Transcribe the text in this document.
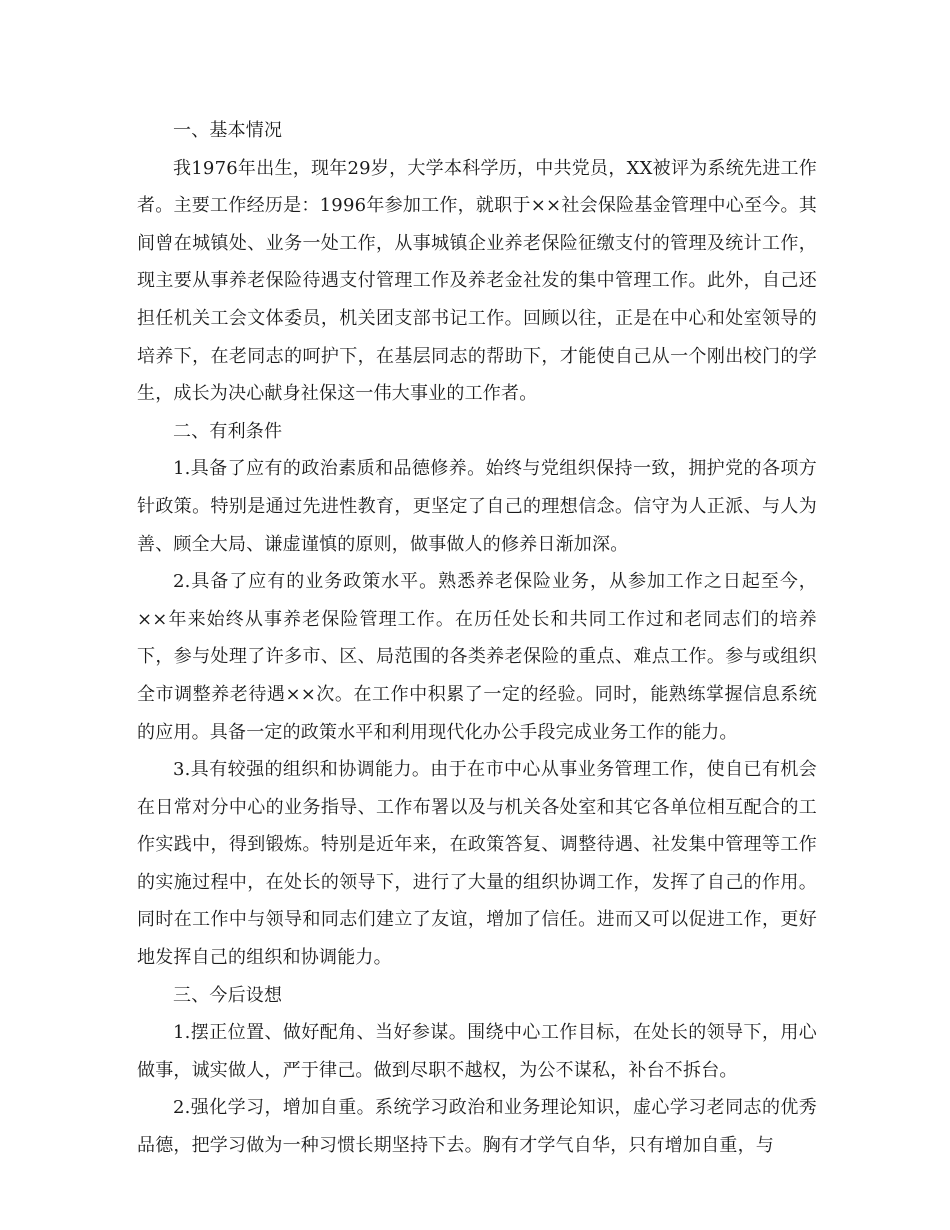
一、基本情况

我1976年出生，现年29岁，大学本科学历，中共党员，XX被评为系统先进工作者。主要工作经历是：1996年参加工作，就职于××社会保险基金管理中心至今。其间曾在城镇处、业务一处工作，从事城镇企业养老保险征缴支付的管理及统计工作，现主要从事养老保险待遇支付管理工作及养老金社发的集中管理工作。此外，自己还担任机关工会文体委员，机关团支部书记工作。回顾以往，正是在中心和处室领导的培养下，在老同志的呵护下，在基层同志的帮助下，才能使自己从一个刚出校门的学生，成长为决心献身社保这一伟大事业的工作者。

二、有利条件

1.具备了应有的政治素质和品德修养。始终与党组织保持一致，拥护党的各项方针政策。特别是通过先进性教育，更坚定了自己的理想信念。信守为人正派、与人为善、顾全大局、谦虚谨慎的原则，做事做人的修养日渐加深。

2.具备了应有的业务政策水平。熟悉养老保险业务，从参加工作之日起至今，××年来始终从事养老保险管理工作。在历任处长和共同工作过和老同志们的培养下，参与处理了许多市、区、局范围的各类养老保险的重点、难点工作。参与或组织全市调整养老待遇××次。在工作中积累了一定的经验。同时，能熟练掌握信息系统的应用。具备一定的政策水平和利用现代化办公手段完成业务工作的能力。

3.具有较强的组织和协调能力。由于在市中心从事业务管理工作，使自已有机会在日常对分中心的业务指导、工作布署以及与机关各处室和其它各单位相互配合的工作实践中，得到锻炼。特别是近年来，在政策答复、调整待遇、社发集中管理等工作的实施过程中，在处长的领导下，进行了大量的组织协调工作，发挥了自己的作用。同时在工作中与领导和同志们建立了友谊，增加了信任。进而又可以促进工作，更好地发挥自己的组织和协调能力。

三、今后设想

1.摆正位置、做好配角、当好参谋。围绕中心工作目标，在处长的领导下，用心做事，诚实做人，严于律己。做到尽职不越权，为公不谋私，补台不拆台。

2.强化学习，增加自重。系统学习政治和业务理论知识，虚心学习老同志的优秀品德，把学习做为一种习惯长期坚持下去。胸有才学气自华，只有增加自重，与
